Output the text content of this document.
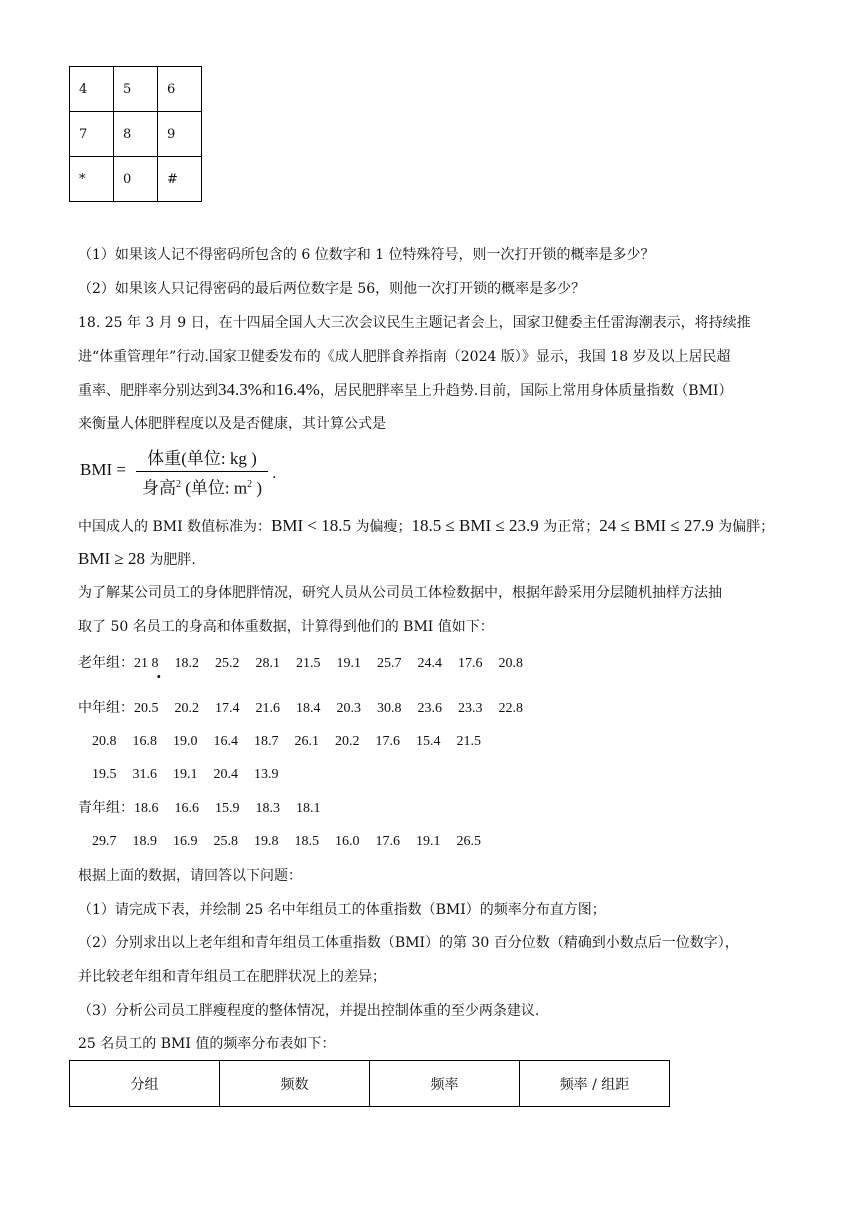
4	5	6
7	8	9
*	0	#
（1）如果该人记不得密码所包含的 6 位数字和 1 位特殊符号，则一次打开锁的概率是多少？
（2）如果该人只记得密码的最后两位数字是 56，则他一次打开锁的概率是多少？
18. 25 年 3 月 9 日，在十四届全国人大三次会议民生主题记者会上，国家卫健委主任雷海潮表示，将持续推
进“体重管理年”行动.国家卫健委发布的《成人肥胖食养指南（2024 版）》显示，我国 18 岁及以上居民超
重率、肥胖率分别达到34.3%和16.4%，居民肥胖率呈上升趋势.目前，国际上常用身体质量指数（BMI）
来衡量人体肥胖程度以及是否健康，其计算公式是
BMI =
体重(单位: kg )
身高$^2$ (单位: $m^2$ )
.
中国成人的 BMI 数值标准为：BMI < 18.5 为偏瘦；18.5 ≤ BMI ≤ 23.9 为正常；24 ≤ BMI ≤ 27.9 为偏胖；
BMI ≥ 28 为肥胖.
为了解某公司员工的身体肥胖情况，研究人员从公司员工体检数据中，根据年龄采用分层随机抽样方法抽
取了 50 名员工的身高和体重数据，计算得到他们的 BMI 值如下：
老年组：21 8 18.2 25.2 28.1 21.5 19.1 25.7 24.4 17.6 20.8
·
中年组：20.5 20.2 17.4 21.6 18.4 20.3 30.8 23.6 23.3 22.8
20.8 16.8 19.0 16.4 18.7 26.1 20.2 17.6 15.4 21.5
19.5 31.6 19.1 20.4 13.9
青年组：18.6 16.6 15.9 18.3 18.1
29.7 18.9 16.9 25.8 19.8 18.5 16.0 17.6 19.1 26.5
根据上面的数据，请回答以下问题：
（1）请完成下表，并绘制 25 名中年组员工的体重指数（BMI）的频率分布直方图；
（2）分别求出以上老年组和青年组员工体重指数（BMI）的第 30 百分位数（精确到小数点后一位数字），
并比较老年组和青年组员工在肥胖状况上的差异；
（3）分析公司员工胖瘦程度的整体情况，并提出控制体重的至少两条建议.
25 名员工的 BMI 值的频率分布表如下：
分组	频数	频率	频率 / 组距
